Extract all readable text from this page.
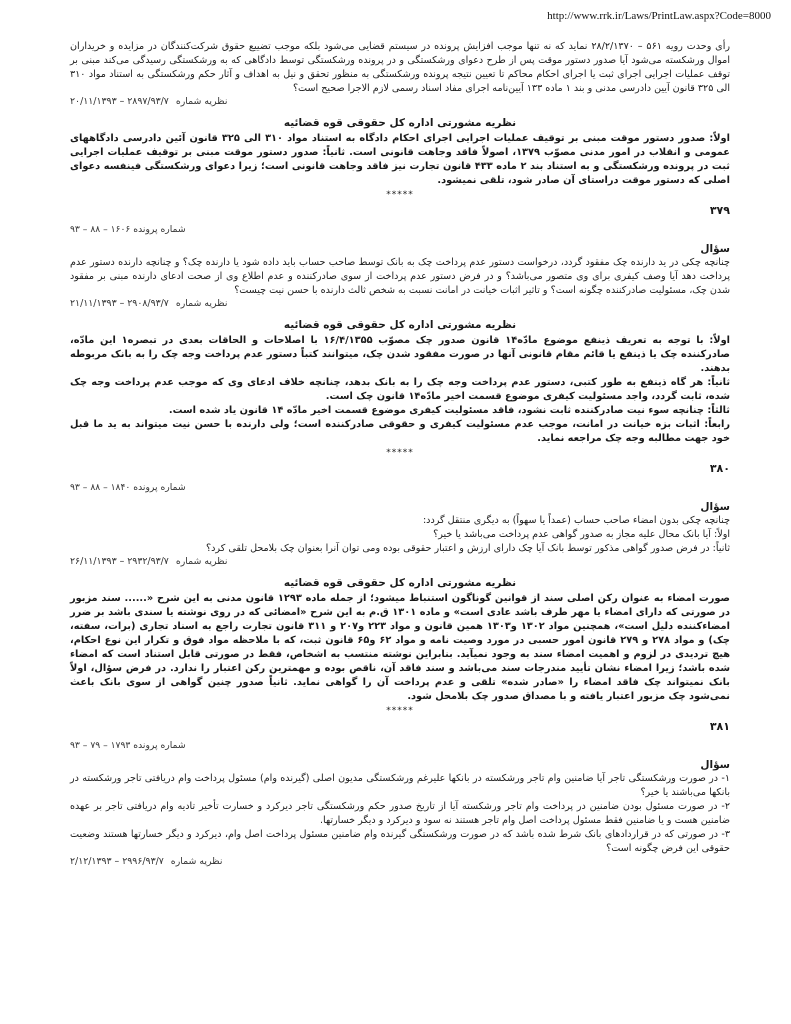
http://www.rrk.ir/Laws/PrintLaw.aspx?Code=8000

رأی وحدت رویه ۵۶۱ – ۲۸/۲/۱۳۷۰ نماید که نه تنها موجب افزایش پرونده در سیستم قضایی می‌شود بلکه موجب تضییع حقوق شرکت‌کنندگان در مزایده و خریداران اموال ورشکسته می‌شود آیا صدور دستور موقت پس از طرح دعوای ورشکستگی و در پرونده ورشکستگی توسط دادگاهی که به ورشکستگی رسیدگی می‌کند مبنی بر توقف عملیات اجرایی اجرای ثبت یا اجرای احکام محاکم تا تعیین نتیجه پرونده ورشکستگی به منظور تحقق و نیل به اهداف و آثار حکم ورشکستگی به استناد مواد ۳۱۰ الی ۳۲۵ قانون آیین دادرسی مدنی و بند ۱ ماده ۱۳۳ آیین‌نامه اجرای مفاد اسناد رسمی لازم الاجرا صحیح است؟

نظریه شماره ۲۸۹۷/۹۳/۷ – ۲۰/۱۱/۱۳۹۳
نظریه مشورتی اداره کل حقوقی قوه قضائیه

اولاً: صدور دستور موقت مبنی بر توقیف عملیات اجرایی اجرای احکام دادگاه به استناد مواد ۳۱۰ الی ۳۲۵ قانون آئین دادرسی دادگاههای عمومی و انقلاب در امور مدنی مصوّب ۱۳۷۹، اصولاً فاقد وجاهت قانونی است. ثانیاً: صدور دستور موقت مبنی بر توقیف عملیات اجرایی ثبت در پرونده ورشکستگی و به استناد بند ۲ ماده ۴۳۳ قانون تجارت نیز فاقد وجاهت قانونی است؛ زیرا دعوای ورشکستگی فینفسه دعوای اصلی که دستور موقت دراستای آن صادر شود، تلقی نمیشود.

*****
۳۷۹
شماره پرونده ۱۶۰۶ – ۸۸ – ۹۳
سؤال

چنانچه چکی در ید دارنده چک مفقود گردد، درخواست دستور عدم پرداخت چک به بانک توسط صاحب حساب باید داده شود یا دارنده چک؟ و چنانچه دارنده دستور عدم پرداخت دهد آیا وصف کیفری برای وی متصور می‌باشد؟ و در فرض دستور عدم پرداخت از سوی صادرکننده و عدم اطلاع وی از صحت ادعای دارنده مبنی بر مفقود شدن چک، مسئولیت صادرکننده چگونه است؟ و تاثیر اثبات خیانت در امانت نسبت به شخص ثالث دارنده با حسن نیت چیست؟

نظریه شماره ۲۹۰۸/۹۳/۷ – ۲۱/۱۱/۱۳۹۳
نظریه مشورتی اداره کل حقوقی قوه قضائیه

اولاً: با توجه به تعریف ذینفع موضوع مادّه۱۴ قانون صدور چک مصوّب ۱۶/۴/۱۳۵۵ با اصلاحات و الحاقات بعدی در تبصره۱ این مادّه، صادرکننده چک یا ذینفع یا قائم مقام قانونی آنها در صورت مفقود شدن چک، میتوانند کتباً دستور عدم پرداخت وجه چک را به بانک مربوطه بدهند.

ثانیاً: هر گاه ذینفع به طور کتبی، دستور عدم پرداخت وجه چک را به بانک بدهد، چنانچه خلاف ادعای وی که موجب عدم پرداخت وجه چک شده، ثابت گردد، واجد مسئولیت کیفری موضوع قسمت اخیر مادّه۱۴ قانون چک است.

ثالثاً: چنانچه سوء نیت صادرکننده ثابت نشود، فاقد مسئولیت کیفری موضوع قسمت اخیر مادّه ۱۴ قانون یاد شده است.

رابعاً: اثبات بزه خیانت در امانت، موجب عدم مسئولیت کیفری و حقوقی صادرکننده است؛ ولی دارنده با حسن نیت میتواند به ید ما قبل خود جهت مطالبه وجه چک مراجعه نماید.

*****
۳۸۰
شماره پرونده ۱۸۴۰ – ۸۸ – ۹۳
سؤال

چنانچه چکی بدون امضاء صاحب حساب (عمداً یا سهواً) به دیگری منتقل گردد:

اولاً: آیا بانک محال علیه مجاز به صدور گواهی عدم پرداخت می‌باشد یا خیر؟

ثانیاً: در فرض صدور گواهی مذکور توسط بانک آیا چک دارای ارزش و اعتبار حقوقی بوده ومی توان آنرا بعنوان چک بلامحل تلقی کرد؟

نظریه شماره ۲۹۳۲/۹۳/۷ – ۲۶/۱۱/۱۳۹۳
نظریه مشورتی اداره کل حقوقی قوه قضائیه

صورت امضاء به عنوان رکن اصلی سند از قوانین گوناگون استنباط میشود؛ از جمله ماده ۱۲۹۳ قانون مدنی به این شرح «...... سند مزبور در صورتی که دارای امضاء یا مهر طرف باشد عادی است» و ماده ۱۳۰۱ ق.م به این شرح «امضائی که در روی نوشته یا سندی باشد بر ضرر امضاءکننده دلیل است»، همچنین مواد ۱۳۰۲ و۱۳۰۳ همین قانون و مواد ۲۲۳ و۲۰۷ و ۳۱۱ قانون تجارت راجع به اسناد تجاری (برات، سفته، چک) و مواد ۲۷۸ و ۲۷۹ قانون امور حسبی در مورد وصیت نامه و مواد ۶۲ و۶۵ قانون ثبت، که با ملاحظه مواد فوق و تکرار این نوع احکام، هیچ تردیدی در لزوم و اهمیت امضاء سند به وجود نمیآید. بنابراین نوشته منتسب به اشخاص، فقط در صورتی قابل استناد است که امضاء شده باشد؛ زیرا امضاء نشان تأیید مندرجات سند می‌باشد و سند فاقد آن، ناقص بوده و مهمترین رکن اعتبار را ندارد. در فرض سؤال، اولاً بانک نمیتواند چک فاقد امضاء را «صادر شده» تلقی و عدم پرداخت آن را گواهی نماید. ثانیاً صدور چنین گواهی از سوی بانک باعث نمی‌شود چک مزبور اعتبار یافته و با مصداق صدور چک بلامحل شود.

*****
۳۸۱
شماره پرونده ۱۷۹۳ – ۷۹ – ۹۳
سؤال

۱- در صورت ورشکستگی تاجر آیا ضامنین وام تاجر ورشکسته در بانکها علیرغم ورشکستگی مدیون اصلی (گیرنده وام) مسئول پرداخت وام دریافتی تاجر ورشکسته در بانکها می‌باشند یا خیر؟

۲- در صورت مسئول بودن ضامنین در پرداخت وام تاجر ورشکسته آیا از تاریخ صدور حکم ورشکستگی تاجر دیرکرد و خسارت تأخیر تادیه وام دریافتی تاجر بر عهده ضامنین هست و یا ضامنین فقط مسئول پرداخت اصل وام تاجر هستند نه سود و دیرکرد و دیگر خسارتها.

۳- در صورتی که در قراردادهای بانک شرط شده باشد که در صورت ورشکستگی گیرنده وام ضامنین مسئول پرداخت اصل وام، دیرکرد و دیگر خسارتها هستند وضعیت حقوقی این فرض چگونه است؟

نظریه شماره ۲۹۹۶/۹۳/۷ – ۲/۱۲/۱۳۹۳
